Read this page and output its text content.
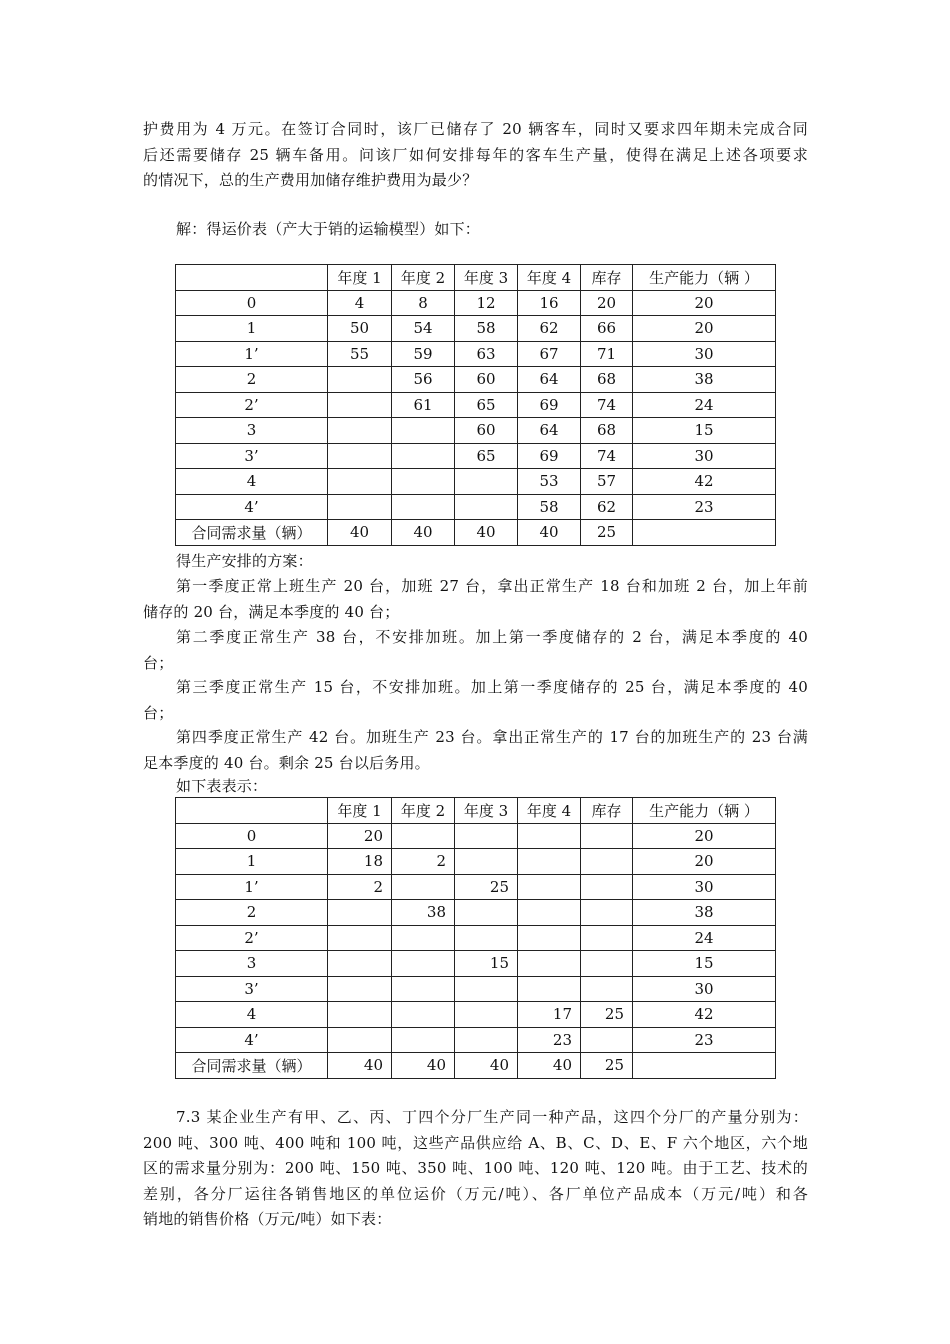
护费用为 4 万元。在签订合同时，该厂已储存了 20 辆客车，同时又要求四年期未完成合同
后还需要储存 25 辆车备用。问该厂如何安排每年的客车生产量，使得在满足上述各项要求
的情况下，总的生产费用加储存维护费用为最少？
解：得运价表（产大于销的运输模型）如下：
	年度 1	年度 2	年度 3	年度 4	库存	生产能力（辆 ）
0	4	8	12	16	20	20
1	50	54	58	62	66	20
1’	55	59	63	67	71	30
2		56	60	64	68	38
2’		61	65	69	74	24
3			60	64	68	15
3’			65	69	74	30
4				53	57	42
4’				58	62	23
合同需求量（辆）	40	40	40	40	25	
得生产安排的方案：
第一季度正常上班生产 20 台，加班 27 台，拿出正常生产 18 台和加班 2 台，加上年前
储存的 20 台，满足本季度的 40 台；
第二季度正常生产 38 台，不安排加班。加上第一季度储存的 2 台，满足本季度的 40
台；
第三季度正常生产 15 台，不安排加班。加上第一季度储存的 25 台，满足本季度的 40
台；
第四季度正常生产 42 台。加班生产 23 台。拿出正常生产的 17 台的加班生产的 23 台满
足本季度的 40 台。剩余 25 台以后务用。
如下表表示：
	年度 1	年度 2	年度 3	年度 4	库存	生产能力（辆 ）
0	20					20
1	18	2				20
1’	2		25			30
2		38				38
2’						24
3			15			15
3’						30
4				17	25	42
4’				23		23
合同需求量（辆）	40	40	40	40	25	
7.3 某企业生产有甲、乙、丙、丁四个分厂生产同一种产品，这四个分厂的产量分别为：
200 吨、300 吨、400 吨和 100 吨，这些产品供应给 A、B、C、D、E、F 六个地区，六个地
区的需求量分别为：200 吨、150 吨、350 吨、100 吨、120 吨、120 吨。由于工艺、技术的
差别，各分厂运往各销售地区的单位运价（万元/吨）、各厂单位产品成本（万元/吨）和各
销地的销售价格（万元/吨）如下表：
